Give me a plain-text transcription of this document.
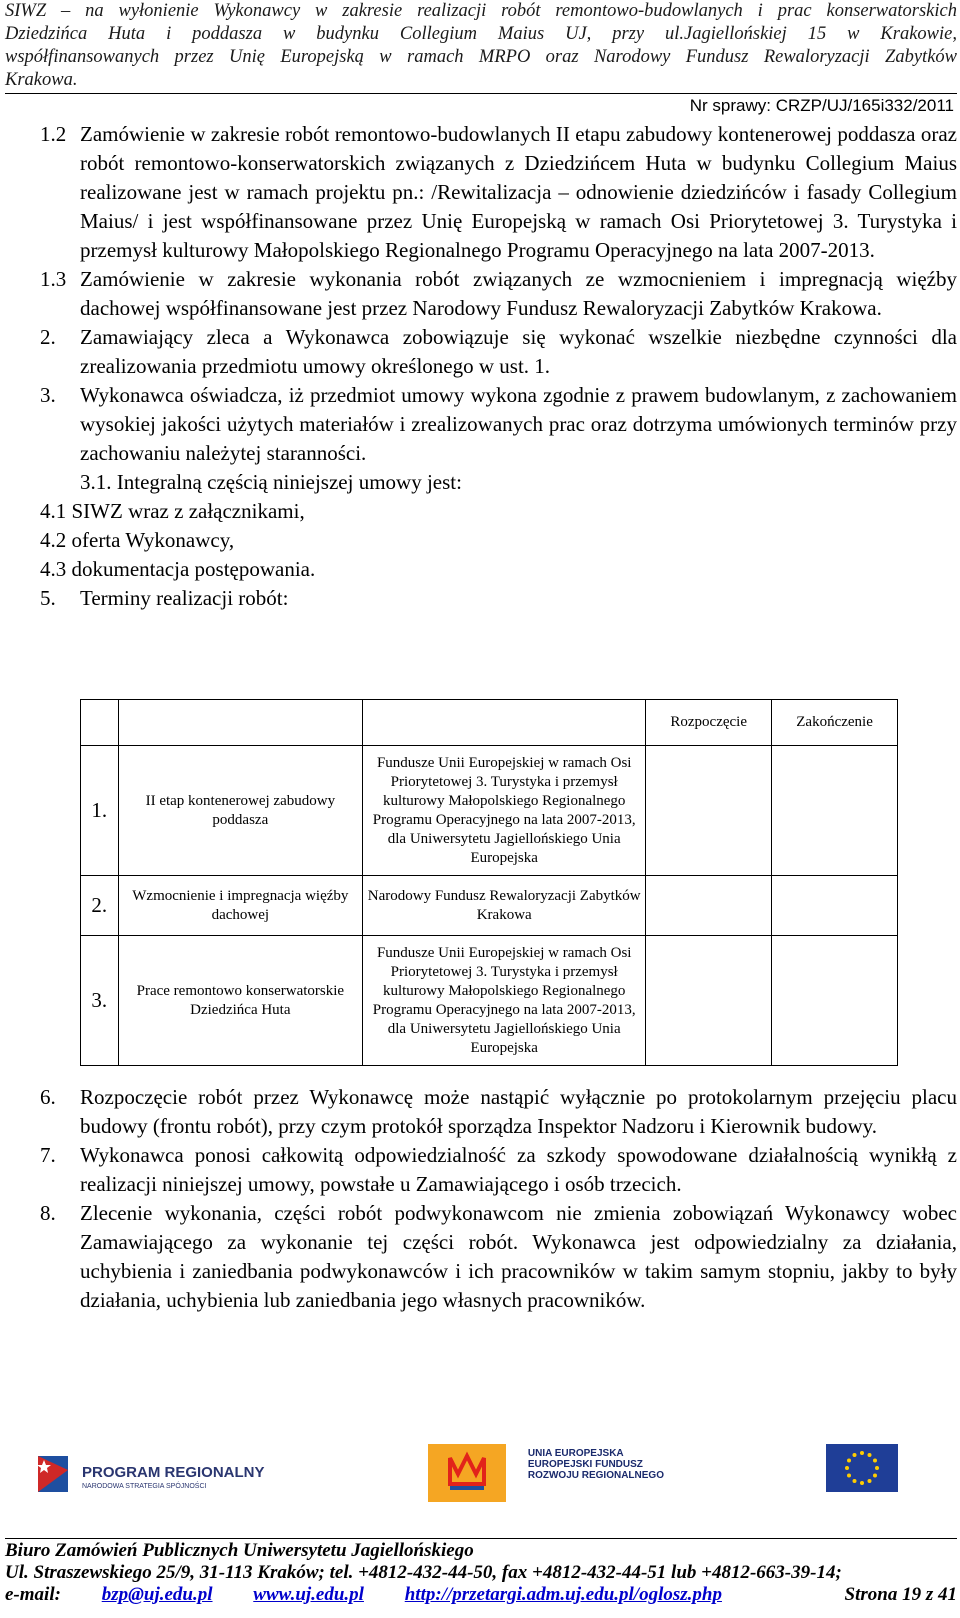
SIWZ – na wyłonienie Wykonawcy w zakresie realizacji robót remontowo-budowlanych i prac konserwatorskich
Dziedzińca Huta i poddasza w budynku Collegium Maius UJ, przy ul.Jagiellońskiej 15 w Krakowie,
współfinansowanych przez Unię Europejską w ramach MRPO oraz Narodowy Fundusz Rewaloryzacji Zabytków
Krakowa.
Nr sprawy: CRZP/UJ/165i332/2011

1.2 Zamówienie w zakresie robót remontowo-budowlanych II etapu zabudowy kontenerowej poddasza oraz robót remontowo-konserwatorskich związanych z Dziedzińcem Huta w budynku Collegium Maius realizowane jest w ramach projektu pn.: /Rewitalizacja – odnowienie dziedzińców i fasady Collegium Maius/ i jest współfinansowane przez Unię Europejską w ramach Osi Priorytetowej 3. Turystyka i przemysł kulturowy Małopolskiego Regionalnego Programu Operacyjnego na lata 2007-2013.

1.3 Zamówienie w zakresie wykonania robót związanych ze wzmocnieniem i impregnacją więźby dachowej współfinansowane jest przez Narodowy Fundusz Rewaloryzacji Zabytków Krakowa.

2. Zamawiający zleca a Wykonawca zobowiązuje się wykonać wszelkie niezbędne czynności dla zrealizowania przedmiotu umowy określonego w ust. 1.

3. Wykonawca oświadcza, iż przedmiot umowy wykona zgodnie z prawem budowlanym, z zachowaniem wysokiej jakości użytych materiałów i zrealizowanych prac oraz dotrzyma umówionych terminów przy zachowaniu należytej staranności.

3.1. Integralną częścią niniejszej umowy jest:

4.1 SIWZ wraz z załącznikami,

4.2 oferta Wykonawcy,

4.3 dokumentacja postępowania.

5. Terminy realizacji robót:

			Rozpoczęcie	Zakończenie
1.	II etap kontenerowej zabudowy poddasza	Fundusze Unii Europejskiej w ramach Osi Priorytetowej 3. Turystyka i przemysł kulturowy Małopolskiego Regionalnego Programu Operacyjnego na lata 2007-2013, dla Uniwersytetu Jagiellońskiego Unia Europejska		
2.	Wzmocnienie i impregnacja więźby dachowej	Narodowy Fundusz Rewaloryzacji Zabytków Krakowa		
3.	Prace remontowo konserwatorskie Dziedzińca Huta	Fundusze Unii Europejskiej w ramach Osi Priorytetowej 3. Turystyka i przemysł kulturowy Małopolskiego Regionalnego Programu Operacyjnego na lata 2007-2013, dla Uniwersytetu Jagiellońskiego Unia Europejska		

6. Rozpoczęcie robót przez Wykonawcę może nastąpić wyłącznie po protokolarnym przejęciu placu budowy (frontu robót), przy czym protokół sporządza Inspektor Nadzoru i Kierownik budowy.

7. Wykonawca ponosi całkowitą odpowiedzialność za szkody spowodowane działalnością wynikłą z realizacji niniejszej umowy, powstałe u Zamawiającego i osób trzecich.

8. Zlecenie wykonania, części robót podwykonawcom nie zmienia zobowiązań Wykonawcy wobec Zamawiającego za wykonanie tej części robót. Wykonawca jest odpowiedzialny za działania, uchybienia i zaniedbania podwykonawców i ich pracowników w takim samym stopniu, jakby to były działania, uchybienia lub zaniedbania jego własnych pracowników.

PROGRAM REGIONALNY
NARODOWA STRATEGIA SPÓJNOŚCI
UNIA EUROPEJSKA
EUROPEJSKI FUNDUSZ
ROZWOJU REGIONALNEGO
Biuro Zamówień Publicznych Uniwersytetu Jagiellońskiego
Ul. Straszewskiego 25/9, 31-113 Kraków; tel. +4812-432-44-50, fax +4812-432-44-51 lub +4812-663-39-14;
e-mail: bzp@uj.edu.pl www.uj.edu.pl http://przetargi.adm.uj.edu.pl/oglosz.php	Strona 19 z 41
